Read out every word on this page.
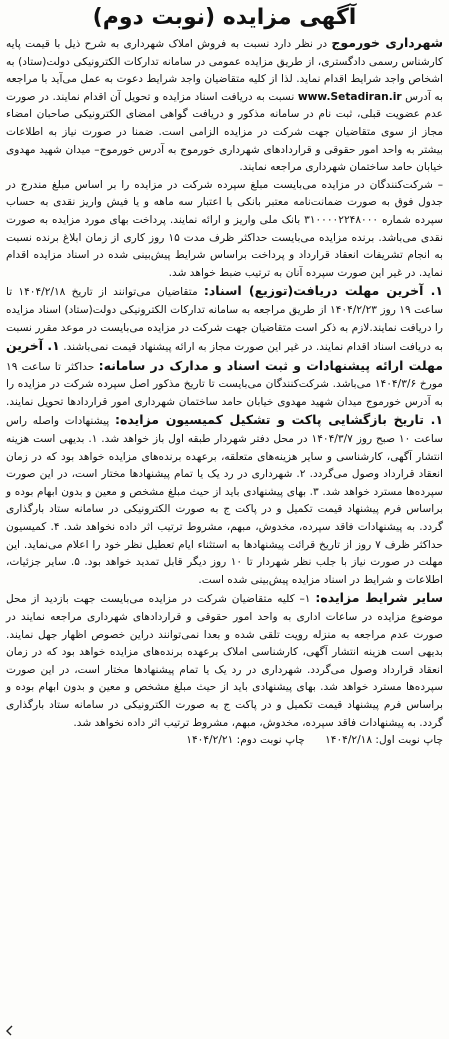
آگهی مزایده (نوبت دوم)

شهرداری خورموج در نظر دارد نسبت به فروش املاک شهرداری به شرح ذیل با قیمت پایه کارشناس رسمی دادگستری، از طریق مزایده عمومی در سامانه تدارکات الکترونیکی دولت(ستاد) به اشخاص واجد شرایط اقدام نماید. لذا از کلیه متقاضیان واجد شرایط دعوت به عمل می‌آید با مراجعه به آدرس www.Setadiran.ir نسبت به دریافت اسناد مزایده و تحویل آن اقدام نمایند. در صورت عدم عضویت قبلی، ثبت نام در سامانه مذکور و دریافت گواهی امضای الکترونیکی صاحبان امضاء مجاز از سوی متقاضیان جهت شرکت در مزایده الزامی است. ضمنا در صورت نیاز به اطلاعات بیشتر به واحد امور حقوقی و قراردادهای شهرداری خورموج به آدرس خورموج– میدان شهید مهدوی خیابان حامد ساختمان شهرداری مراجعه نمایند.

– شرکت‌کنندگان در مزایده می‌بایست مبلغ سپرده شرکت در مزایده را بر اساس مبلغ مندرج در جدول فوق به صورت ضمانت‌نامه معتبر بانکی با اعتبار سه ماهه و یا فیش واریز نقدی به حساب سپرده شماره ۳۱۰۰۰۰۲۲۴۸۰۰۰ بانک ملی واریز و ارائه نمایند. پرداخت بهای مورد مزایده به صورت نقدی می‌باشد. برنده مزایده می‌بایست حداکثر ظرف مدت ۱۵ روز کاری از زمان ابلاغ برنده نسبت به انجام تشریفات انعقاد قرارداد و پرداخت براساس شرایط پیش‌بینی شده در اسناد مزایده اقدام نماید. در غیر این صورت سپرده آنان به ترتیب ضبط خواهد شد.

۱. آخرین مهلت دریافت(توزیع) اسناد: متقاضیان می‌توانند از تاریخ ۱۴۰۴/۲/۱۸ تا ساعت ۱۹ روز ۱۴۰۴/۲/۲۳ از طریق مراجعه به سامانه تدارکات الکترونیکی دولت(ستاد) اسناد مزایده را دریافت نمایند.لازم به ذکر است متقاضیان جهت شرکت در مزایده می‌بایست در موعد مقرر نسبت به دریافت اسناد اقدام نمایند. در غیر این صورت مجاز به ارائه پیشنهاد قیمت نمی‌باشند. ۱. آخرین مهلت ارائه پیشنهادات و ثبت اسناد و مدارک در سامانه: حداکثر تا ساعت ۱۹ مورخ ۱۴۰۴/۳/۶ می‌باشد. شرکت‌کنندگان می‌بایست تا تاریخ مذکور اصل سپرده شرکت در مزایده را به آدرس خورموج میدان شهید مهدوی خیابان حامد ساختمان شهرداری امور قراردادها تحویل نمایند. ۱. تاریخ بازگشایی پاکت و تشکیل کمیسیون مزایده: پیشنهادات واصله راس ساعت ۱۰ صبح روز ۱۴۰۴/۳/۷ در محل دفتر شهردار طبقه اول باز خواهد شد. ۱. بدیهی است هزینه انتشار آگهی، کارشناسی و سایر هزینه‌های متعلقه، برعهده برنده‌های مزایده خواهد بود که در زمان انعقاد قرارداد وصول می‌گردد. ۲. شهرداری در رد یک یا تمام پیشنهادها مختار است، در این صورت سپرده‌ها مسترد خواهد شد. ۳. بهای پیشنهادی باید از حیث مبلغ مشخص و معین و بدون ابهام بوده و براساس فرم پیشنهاد قیمت تکمیل و در پاکت ج به صورت الکترونیکی در سامانه ستاد بارگذاری گردد. به پیشنهادات فاقد سپرده، مخدوش، مبهم، مشروط ترتیب اثر داده نخواهد شد. ۴. کمیسیون حداکثر ظرف ۷ روز از تاریخ قرائت پیشنهادها به استثناء ایام تعطیل نظر خود را اعلام می‌نماید. این مهلت در صورت نیاز با جلب نظر شهردار تا ۱۰ روز دیگر قابل تمدید خواهد بود. ۵. سایر جزئیات، اطلاعات و شرایط در اسناد مزایده پیش‌بینی شده است.

سایر شرایط مزایده: ۱– کلیه متقاضیان شرکت در مزایده می‌بایست جهت بازدید از محل موضوع مزایده در ساعات اداری به واحد امور حقوقی و قراردادهای شهرداری مراجعه نمایند در صورت عدم مراجعه به منزله رویت تلقی شده و بعدا نمی‌توانند دراین خصوص اظهار جهل نمایند. بدیهی است هزینه انتشار آگهی، کارشناسی املاک برعهده برنده‌های مزایده خواهد بود که در زمان انعقاد قرارداد وصول می‌گردد. شهرداری در رد یک یا تمام پیشنهادها مختار است، در این صورت سپرده‌ها مسترد خواهد شد. بهای پیشنهادی باید از حیث مبلغ مشخص و معین و بدون ابهام بوده و براساس فرم پیشنهاد قیمت تکمیل و در پاکت ج به صورت الکترونیکی در سامانه ستاد بارگذاری گردد. به پیشنهادات فاقد سپرده، مخدوش، مبهم، مشروط ترتیب اثر داده نخواهد شد.

چاپ نوبت اول: ۱۴۰۴/۲/۱۸      چاپ نوبت دوم: ۱۴۰۴/۲/۲۱
